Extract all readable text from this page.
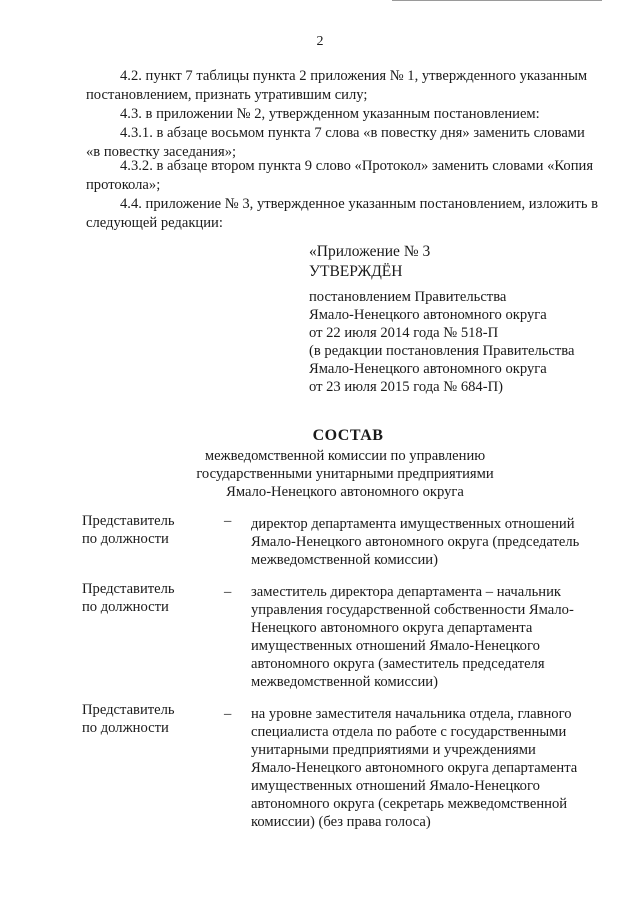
2
4.2. пункт 7 таблицы пункта 2 приложения № 1, утвержденного указанным
постановлением, признать утратившим силу;
4.3. в приложении № 2, утвержденном указанным постановлением:
4.3.1. в абзаце восьмом пункта 7 слова «в повестку дня» заменить словами
«в повестку заседания»;
4.3.2. в абзаце втором пункта 9 слово «Протокол» заменить словами «Копия
протокола»;
4.4. приложение № 3, утвержденное указанным постановлением, изложить в
следующей редакции:
«Приложение № 3
УТВЕРЖДЁН
постановлением Правительства
Ямало-Ненецкого автономного округа
от 22 июля 2014 года № 518-П
(в редакции постановления Правительства
Ямало-Ненецкого автономного округа
от 23 июля 2015 года № 684-П)
СОСТАВ
межведомственной комиссии по управлению
государственными унитарными предприятиями
Ямало-Ненецкого автономного округа
Представитель
по должности
– директор департамента имущественных отношений
Ямало-Ненецкого автономного округа (председатель
межведомственной комиссии)
Представитель
по должности
– заместитель директора департамента – начальник
управления государственной собственности Ямало-
Ненецкого автономного округа департамента
имущественных отношений Ямало-Ненецкого
автономного округа (заместитель председателя
межведомственной комиссии)
Представитель
по должности
– на уровне заместителя начальника отдела, главного
специалиста отдела по работе с государственными
унитарными предприятиями и учреждениями
Ямало-Ненецкого автономного округа департамента
имущественных отношений Ямало-Ненецкого
автономного округа (секретарь межведомственной
комиссии) (без права голоса)
